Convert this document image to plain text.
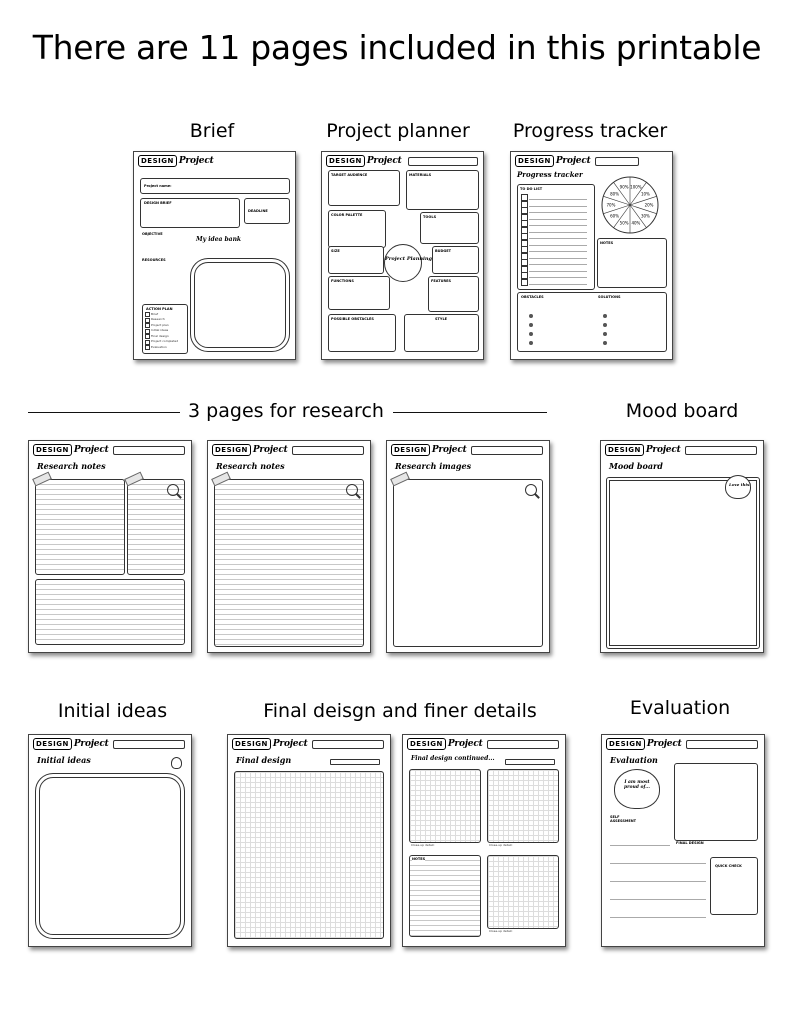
There are 11 pages included in this printable
Brief	Project planner	Progress tracker
DESIGN Project
Project name:
DESIGN BRIEF
DEADLINE
OBJECTIVE
RESOURCES
My idea bank
ACTION PLAN
Brief
Research
Project plan
Initial ideas
Final design
Project completed
Evaluation
DESIGN Project
TARGET AUDIENCE	MATERIALS
COLOR PALETTE	TOOLS
SIZE	BUDGET
Project Planning
FUNCTIONS	FEATURES
POSSIBLE OBSTACLES	STYLE
DESIGN Project
Progress tracker
TO DO LIST	100%
10%
20%
30%
40%
50%
60%
70%
80%
90%
NOTES
OBSTACLES	SOLUTIONS
3 pages for research	Mood board
DESIGN Project
Research notes
DESIGN Project
Research notes
DESIGN Project
Research images
DESIGN Project
Mood board
Love this!
Initial ideas	Final deisgn and finer details	Evaluation
DESIGN Project
Initial ideas
DESIGN Project
Final design
DESIGN Project
Final design continued...
Close-up detail:	Close-up detail:
NOTES
Close-up detail:
DESIGN Project
Evaluation
I am most proud of...
SELF ASSESSMENT
FINAL DESIGN
QUICK CHECK
